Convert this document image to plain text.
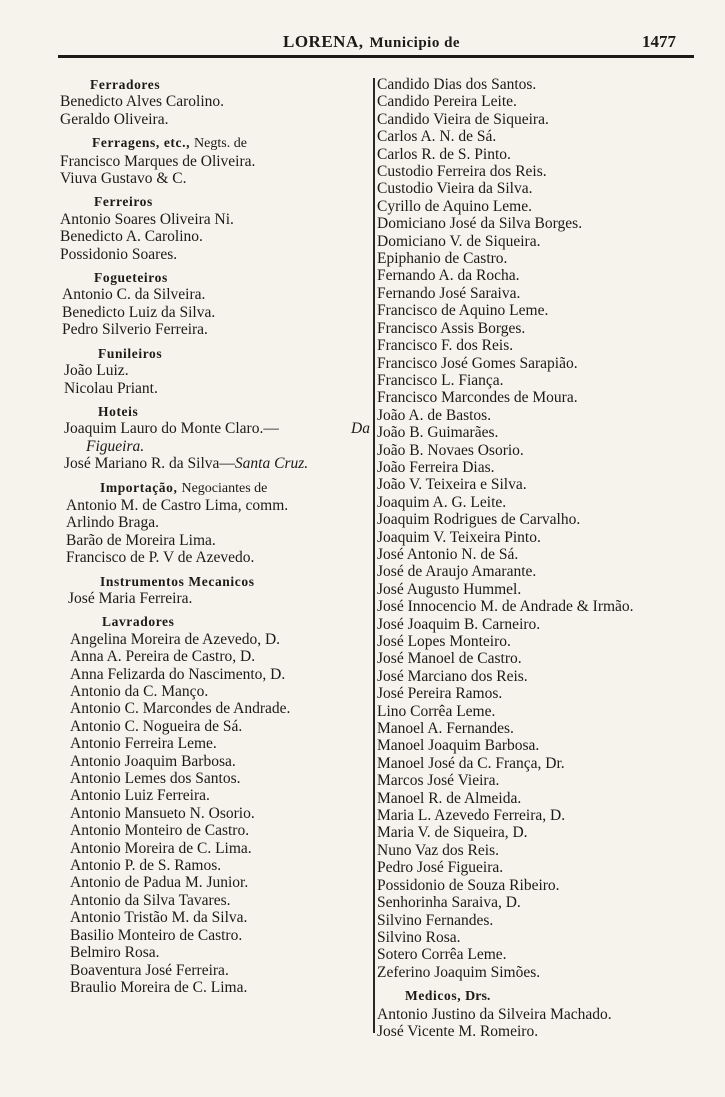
LORENA, Municipio de	1477
Ferradores
Benedicto Alves Carolino.
Geraldo Oliveira.
Ferragens, etc., Negts. de
Francisco Marques de Oliveira.
Viuva Gustavo & C.
Ferreiros
Antonio Soares Oliveira Ni.
Benedicto A. Carolino.
Possidonio Soares.
Fogueteiros
Antonio C. da Silveira.
Benedicto Luiz da Silva.
Pedro Silverio Ferreira.
Funileiros
João Luiz.
Nicolau Priant.
Hoteis
Joaquim Lauro do Monte Claro.—	Da
Figueira.
José Mariano R. da Silva—Santa Cruz.
Importação, Negociantes de
Antonio M. de Castro Lima, comm.
Arlindo Braga.
Barão de Moreira Lima.
Francisco de P. V de Azevedo.
Instrumentos Mecanicos
José Maria Ferreira.
Lavradores
Angelina Moreira de Azevedo, D.
Anna A. Pereira de Castro, D.
Anna Felizarda do Nascimento, D.
Antonio da C. Manço.
Antonio C. Marcondes de Andrade.
Antonio C. Nogueira de Sá.
Antonio Ferreira Leme.
Antonio Joaquim Barbosa.
Antonio Lemes dos Santos.
Antonio Luiz Ferreira.
Antonio Mansueto N. Osorio.
Antonio Monteiro de Castro.
Antonio Moreira de C. Lima.
Antonio P. de S. Ramos.
Antonio de Padua M. Junior.
Antonio da Silva Tavares.
Antonio Tristão M. da Silva.
Basilio Monteiro de Castro.
Belmiro Rosa.
Boaventura José Ferreira.
Braulio Moreira de C. Lima.
Candido Dias dos Santos.
Candido Pereira Leite.
Candido Vieira de Siqueira.
Carlos A. N. de Sá.
Carlos R. de S. Pinto.
Custodio Ferreira dos Reis.
Custodio Vieira da Silva.
Cyrillo de Aquino Leme.
Domiciano José da Silva Borges.
Domiciano V. de Siqueira.
Epiphanio de Castro.
Fernando A. da Rocha.
Fernando José Saraiva.
Francisco de Aquino Leme.
Francisco Assis Borges.
Francisco F. dos Reis.
Francisco José Gomes Sarapião.
Francisco L. Fiança.
Francisco Marcondes de Moura.
João A. de Bastos.
João B. Guimarães.
João B. Novaes Osorio.
João Ferreira Dias.
João V. Teixeira e Silva.
Joaquim A. G. Leite.
Joaquim Rodrigues de Carvalho.
Joaquim V. Teixeira Pinto.
José Antonio N. de Sá.
José de Araujo Amarante.
José Augusto Hummel.
José Innocencio M. de Andrade & Irmão.
José Joaquim B. Carneiro.
José Lopes Monteiro.
José Manoel de Castro.
José Marciano dos Reis.
José Pereira Ramos.
Lino Corrêa Leme.
Manoel A. Fernandes.
Manoel Joaquim Barbosa.
Manoel José da C. França, Dr.
Marcos José Vieira.
Manoel R. de Almeida.
Maria L. Azevedo Ferreira, D.
Maria V. de Siqueira, D.
Nuno Vaz dos Reis.
Pedro José Figueira.
Possidonio de Souza Ribeiro.
Senhorinha Saraiva, D.
Silvino Fernandes.
Silvino Rosa.
Sotero Corrêa Leme.
Zeferino Joaquim Simões.
Medicos, Drs.
Antonio Justino da Silveira Machado.
José Vicente M. Romeiro.
